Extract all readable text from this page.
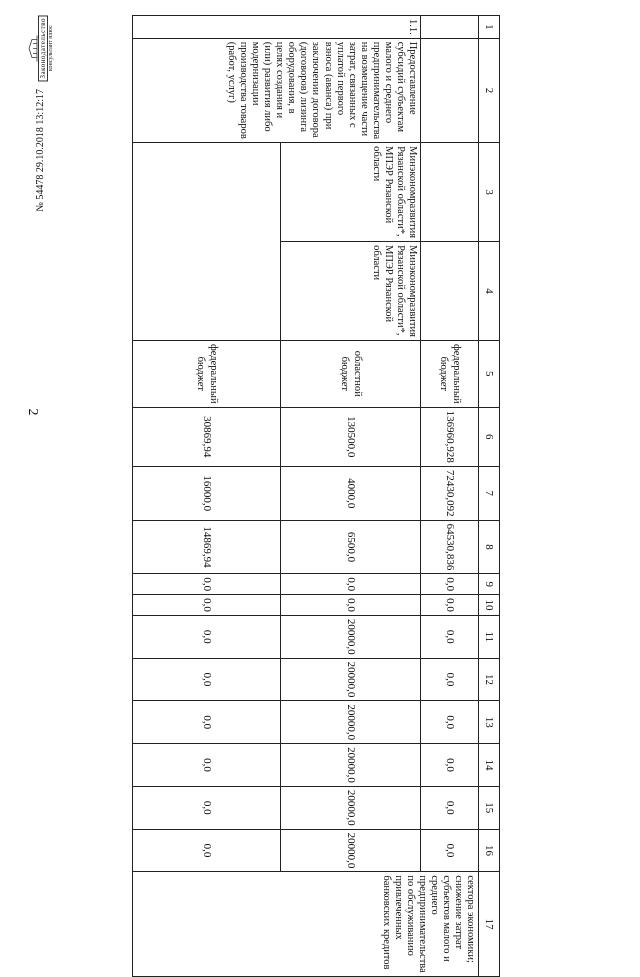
2
1	2	3	4	5	6	7	8	9	10	11	12	13	14	15	16	17
				федеральный бюджет	136960,928	72430,092	64530,836	0,0	0,0	0,0	0,0	0,0	0,0	0,0	0,0	сектора экономики; снижение затрат субъектов малого и среднего предпринимательства по обслуживанию привлеченных банковских кредитов
1.1.	Предоставление субсидий субъектам малого и среднего предпринимательства на возмещение части затрат, связанных с уплатой первого взноса (аванса) при заключении договора (договоров) лизинга оборудования, в целях создания и (или) развития либо модернизации производства товаров (работ, услуг)	Минэкономразвития Рязанской области*, МПЭР Рязанской области	Минэкономразвития Рязанской области*, МПЭР Рязанской области	областной бюджет	130500,0	4000,0	6500,0	0,0	0,0	20000,0	20000,0	20000,0	20000,0	20000,0	20000,0	
				федеральный бюджет	30869,94	16000,0	14869,94	0,0	0,0	0,0	0,0	0,0	0,0	0,0	0,0	
Законодательство консультант плюс
№ 54478 29.10.2018 13:12:17
